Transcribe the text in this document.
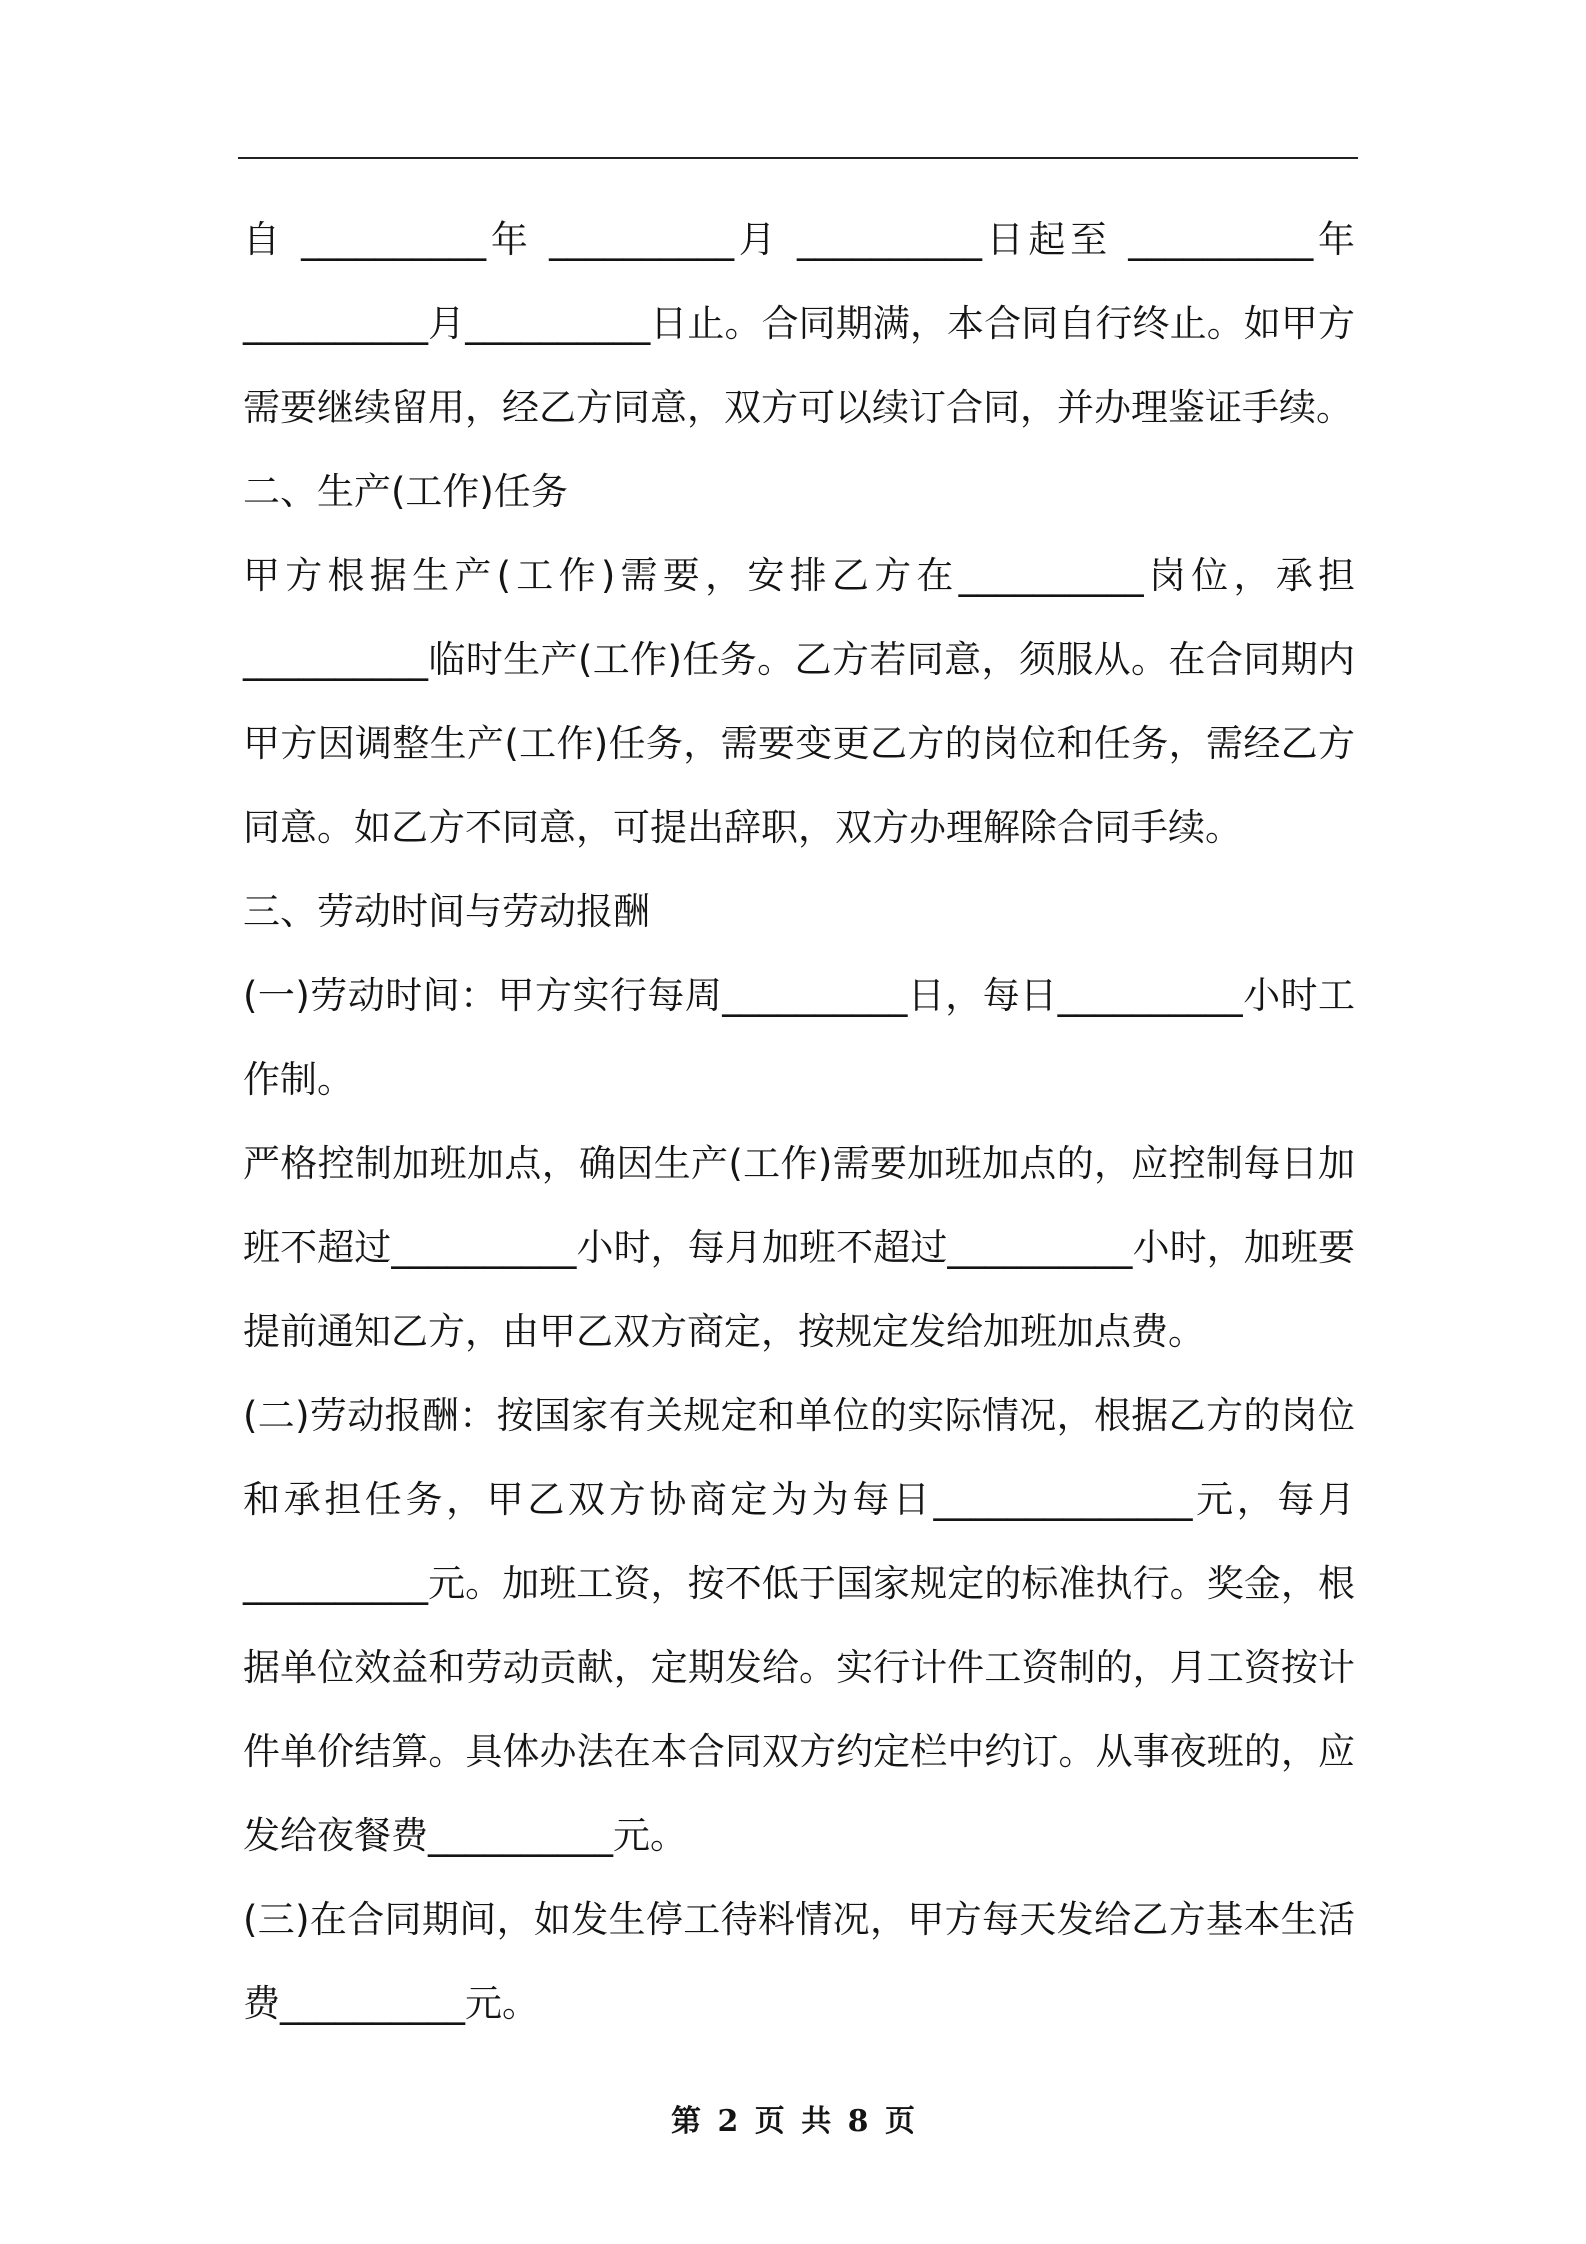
自 __________年 __________月 __________日起至 __________年

__________月__________日止。合同期满，本合同自行终止。如甲方

需要继续留用，经乙方同意，双方可以续订合同，并办理鉴证手续。

二、生产(工作)任务

甲方根据生产(工作)需要，安排乙方在__________岗位，承担

__________临时生产(工作)任务。乙方若同意，须服从。在合同期内

甲方因调整生产(工作)任务，需要变更乙方的岗位和任务，需经乙方

同意。如乙方不同意，可提出辞职，双方办理解除合同手续。

三、劳动时间与劳动报酬

(一)劳动时间：甲方实行每周__________日，每日__________小时工

作制。

严格控制加班加点，确因生产(工作)需要加班加点的，应控制每日加

班不超过__________小时，每月加班不超过__________小时，加班要

提前通知乙方，由甲乙双方商定，按规定发给加班加点费。

(二)劳动报酬：按国家有关规定和单位的实际情况，根据乙方的岗位

和承担任务，甲乙双方协商定为为每日______________元，每月

__________元。加班工资，按不低于国家规定的标准执行。奖金，根

据单位效益和劳动贡献，定期发给。实行计件工资制的，月工资按计

件单价结算。具体办法在本合同双方约定栏中约订。从事夜班的，应

发给夜餐费__________元。

(三)在合同期间，如发生停工待料情况，甲方每天发给乙方基本生活

费__________元。

第 2 页 共 8 页
